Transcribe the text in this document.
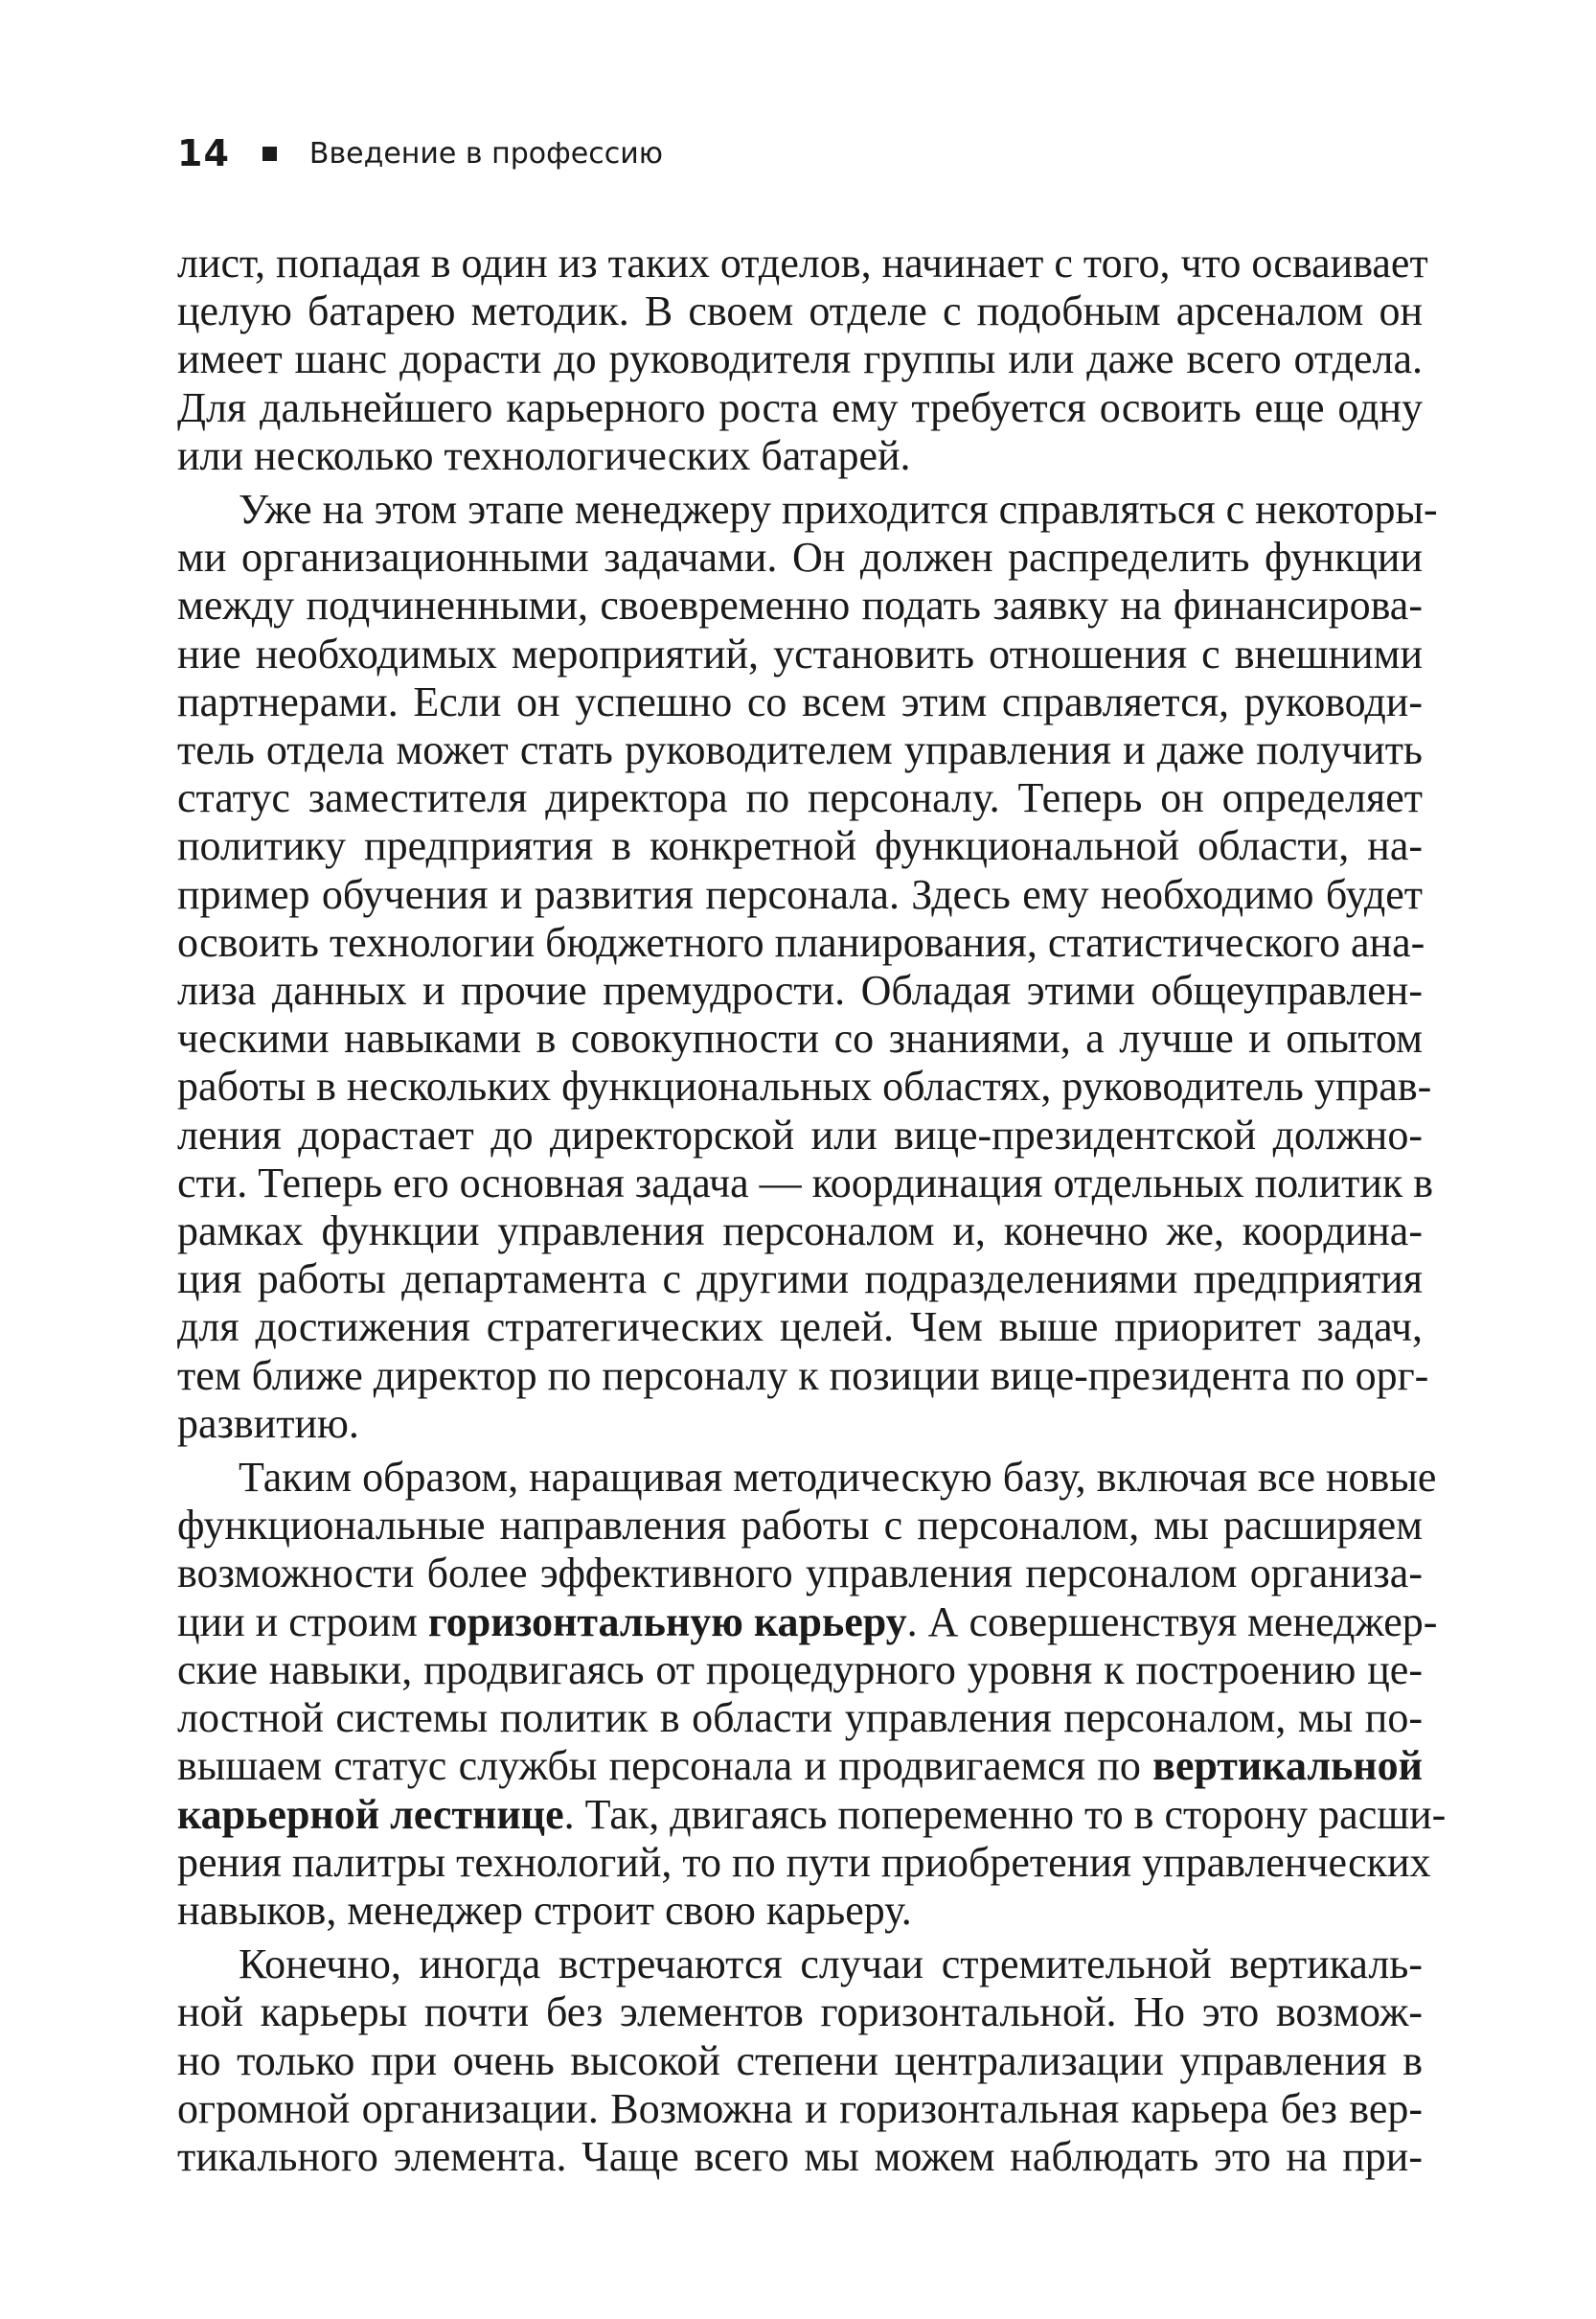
14	Введение в профессию
лист, попадая в один из таких отделов, начинает с того, что осваивает
целую батарею методик. В своем отделе с подобным арсеналом он
имеет шанс дорасти до руководителя группы или даже всего отдела.
Для дальнейшего карьерного роста ему требуется освоить еще одну
или несколько технологических батарей.
Уже на этом этапе менеджеру приходится справляться с некоторы-
ми организационными задачами. Он должен распределить функции
между подчиненными, своевременно подать заявку на финансирова-
ние необходимых мероприятий, установить отношения с внешними
партнерами. Если он успешно со всем этим справляется, руководи-
тель отдела может стать руководителем управления и даже получить
статус заместителя директора по персоналу. Теперь он определяет
политику предприятия в конкретной функциональной области, на-
пример обучения и развития персонала. Здесь ему необходимо будет
освоить технологии бюджетного планирования, статистического ана-
лиза данных и прочие премудрости. Обладая этими общеуправлен-
ческими навыками в совокупности со знаниями, а лучше и опытом
работы в нескольких функциональных областях, руководитель управ-
ления дорастает до директорской или вице-президентской должно-
сти. Теперь его основная задача — координация отдельных политик в
рамках функции управления персоналом и, конечно же, координа-
ция работы департамента с другими подразделениями предприятия
для достижения стратегических целей. Чем выше приоритет задач,
тем ближе директор по персоналу к позиции вице-президента по орг-
развитию.
Таким образом, наращивая методическую базу, включая все новые
функциональные направления работы с персоналом, мы расширяем
возможности более эффективного управления персоналом организа-
ции и строим горизонтальную карьеру. А совершенствуя менеджер-
ские навыки, продвигаясь от процедурного уровня к построению це-
лостной системы политик в области управления персоналом, мы по-
вышаем статус службы персонала и продвигаемся по вертикальной
карьерной лестнице. Так, двигаясь попеременно то в сторону расши-
рения палитры технологий, то по пути приобретения управленческих
навыков, менеджер строит свою карьеру.
Конечно, иногда встречаются случаи стремительной вертикаль-
ной карьеры почти без элементов горизонтальной. Но это возмож-
но только при очень высокой степени централизации управления в
огромной организации. Возможна и горизонтальная карьера без вер-
тикального элемента. Чаще всего мы можем наблюдать это на при-
